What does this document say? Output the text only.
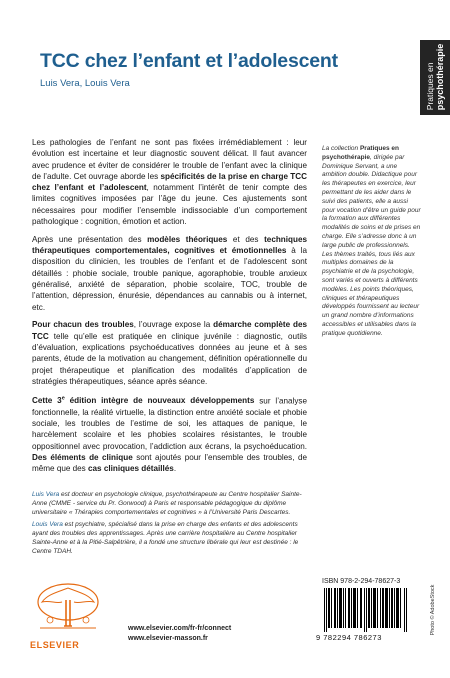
TCC chez l’enfant et l’adolescent
Luis Vera, Louis Vera	Pratiques en
psychothérapie

Les pathologies de l’enfant ne sont pas fixées irrémédiablement : leur évolution est incertaine et leur diagnostic souvent délicat. Il faut avancer avec prudence et éviter de considérer le trouble de l’enfant avec la clinique de l’adulte. Cet ouvrage aborde les spécificités de la prise en charge TCC chez l’enfant et l’adolescent, notamment l’intérêt de tenir compte des limites cognitives imposées par l’âge du jeune. Ces ajustements sont nécessaires pour modifier l’ensemble indissociable d’un comportement pathologique : cognition, émotion et action.

Après une présentation des modèles théoriques et des techniques thérapeutiques comportementales, cognitives et émotionnelles à la disposition du clinicien, les troubles de l’enfant et de l’adolescent sont détaillés : phobie sociale, trouble panique, agoraphobie, trouble anxieux généralisé, anxiété de séparation, phobie scolaire, TOC, trouble de l’attention, dépression, énurésie, dépendances au cannabis ou à internet, etc.

Pour chacun des troubles, l’ouvrage expose la démarche complète des TCC telle qu’elle est pratiquée en clinique juvénile : diagnostic, outils d’évaluation, explications psychoéducatives données au jeune et à ses parents, étude de la motivation au changement, définition opérationnelle du projet thérapeutique et planification des modalités d’application de stratégies thérapeutiques, séance après séance.

Cette 3e édition intègre de nouveaux développements sur l’analyse fonctionnelle, la réalité virtuelle, la distinction entre anxiété sociale et phobie sociale, les troubles de l’estime de soi, les attaques de panique, le harcèlement scolaire et les phobies scolaires résistantes, le trouble oppositionnel avec provocation, l’addiction aux écrans, la psychoéducation. Des éléments de clinique sont ajoutés pour l’ensemble des troubles, de même que des cas cliniques détaillés.

La collection Pratiques en psychothérapie, dirigée par Dominique Servant, a une ambition double. Didactique pour les thérapeutes en exercice, leur permettant de les aider dans le suivi des patients, elle a aussi pour vocation d’être un guide pour la formation aux différentes modalités de soins et de prises en charge. Elle s’adresse donc à un large public de professionnels. Les thèmes traités, tous liés aux multiples domaines de la psychiatrie et de la psychologie, sont variés et ouverts à différents modèles. Les points théoriques, cliniques et thérapeutiques développés fournissent au lecteur un grand nombre d’informations accessibles et utilisables dans la pratique quotidienne.

Luis Vera est docteur en psychologie clinique, psychothérapeute au Centre hospitalier Sainte-Anne (CMME - service du Pr. Gorwood) à Paris et responsable pédagogique du diplôme universitaire « Thérapies comportementales et cognitives » à l’Université Paris Descartes.

Louis Vera est psychiatre, spécialisé dans la prise en charge des enfants et des adolescents ayant des troubles des apprentissages. Après une carrière hospitalière au Centre hospitalier Sainte-Anne et à la Pitié-Salpêtrière, il a fondé une structure libérale qui leur est destinée : le Centre TDAH.

ISBN 978-2-294-78627-3
9 782294 786273
Photo © AdobeStock
ELSEVIER
www.elsevier.com/fr-fr/connect
www.elsevier-masson.fr
